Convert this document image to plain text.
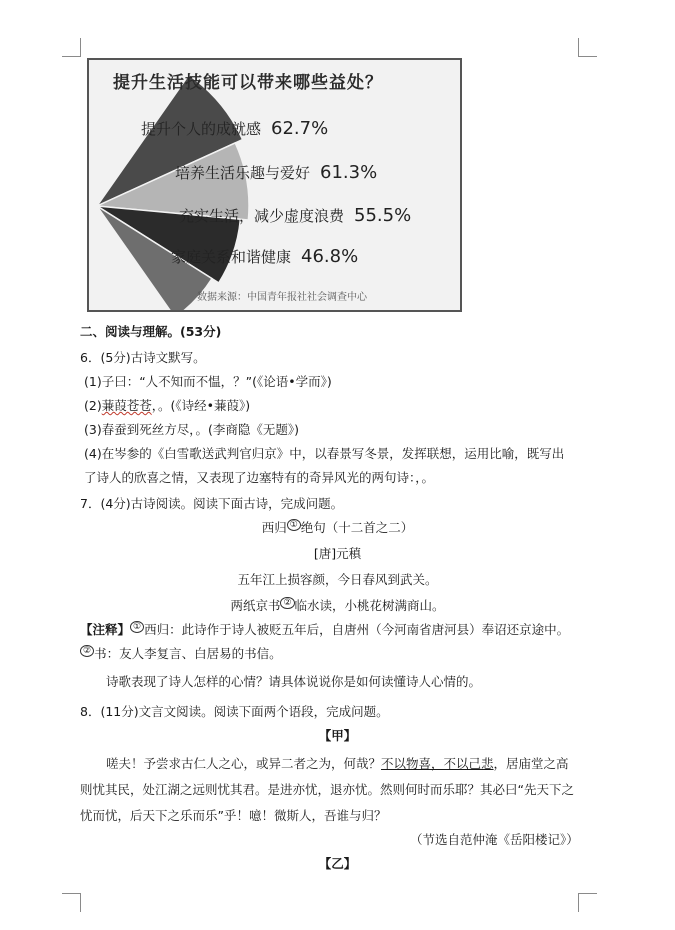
提升生活技能可以带来哪些益处？
提升个人的成就感 62.7%
培养生活乐趣与爱好 61.3%
充实生活，减少虚度浪费 55.5%
家庭关系和谐健康 46.8%
数据来源：中国青年报社社会调查中心
二、阅读与理解。(53分)
6．(5分)古诗文默写。
(1)子曰：“人不知而不愠，？”(《论语•学而》)
(2)蒹葭苍苍，。(《诗经•蒹葭》)
(3)春蚕到死丝方尽，。(李商隐《无题》)
(4)在岑参的《白雪歌送武判官归京》中，以春景写冬景，发挥联想，运用比喻，既写出
了诗人的欣喜之情，又表现了边塞特有的奇异风光的两句诗：，。
7．(4分)古诗阅读。阅读下面古诗，完成问题。
西归 ① 绝句（十二首之二）
[唐]元稹
五年江上损容颜，今日春风到武关。
两纸京书 ② 临水读，小桃花树满商山。
【注释】 ① 西归：此诗作于诗人被贬五年后，自唐州（今河南省唐河县）奉诏还京途中。
② 书：友人李复言、白居易的书信。
诗歌表现了诗人怎样的心情？请具体说说你是如何读懂诗人心情的。
8．(11分)文言文阅读。阅读下面两个语段，完成问题。
【甲】
嗟夫！予尝求古仁人之心，或异二者之为，何哉？不以物喜，不以己悲，居庙堂之高
则忧其民，处江湖之远则忧其君。是进亦忧，退亦忧。然则何时而乐耶？其必曰“先天下之
忧而忧，后天下之乐而乐”乎！噫！微斯人，吾谁与归？
（节选自范仲淹《岳阳楼记》）
【乙】
